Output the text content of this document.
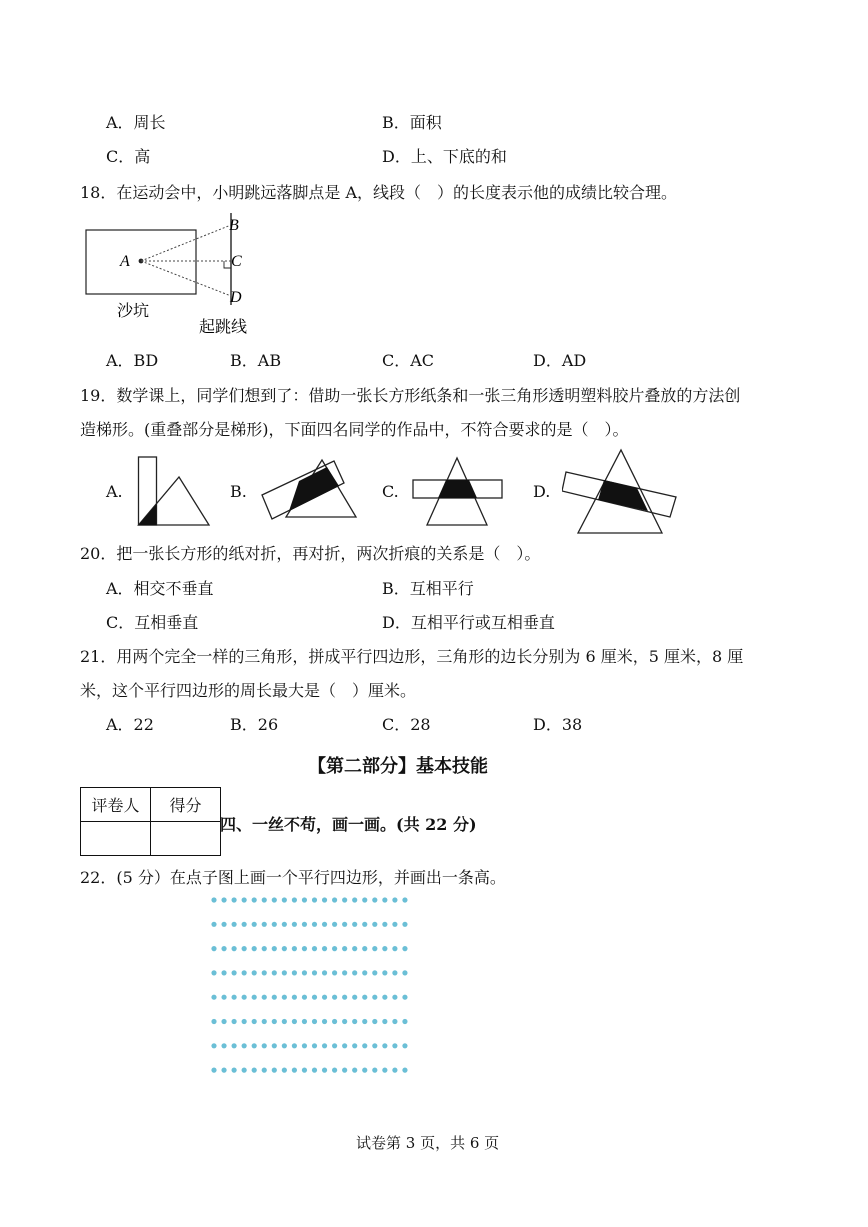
A．周长	B．面积
C．高	D．上、下底的和
18．在运动会中，小明跳远落脚点是 A，线段（　）的长度表示他的成绩比较合理。
A
B
C
D
沙坑
起跳线
A．BD	B．AB	C．AC	D．AD
19．数学课上，同学们想到了：借助一张长方形纸条和一张三角形透明塑料胶片叠放的方法创
造梯形。(重叠部分是梯形)，下面四名同学的作品中，不符合要求的是（　）。
A.	B.	C.	D.
20．把一张长方形的纸对折，再对折，两次折痕的关系是（　）。
A．相交不垂直	B．互相平行
C．互相垂直	D．互相平行或互相垂直
21．用两个完全一样的三角形，拼成平行四边形，三角形的边长分别为 6 厘米，5 厘米，8 厘
米，这个平行四边形的周长最大是（　）厘米。
A．22	B．26	C．28	D．38
【第二部分】基本技能
评卷人	得分

四、一丝不苟，画一画。(共 22 分)
22．(5 分）在点子图上画一个平行四边形，并画出一条高。
试卷第 3 页，共 6 页
